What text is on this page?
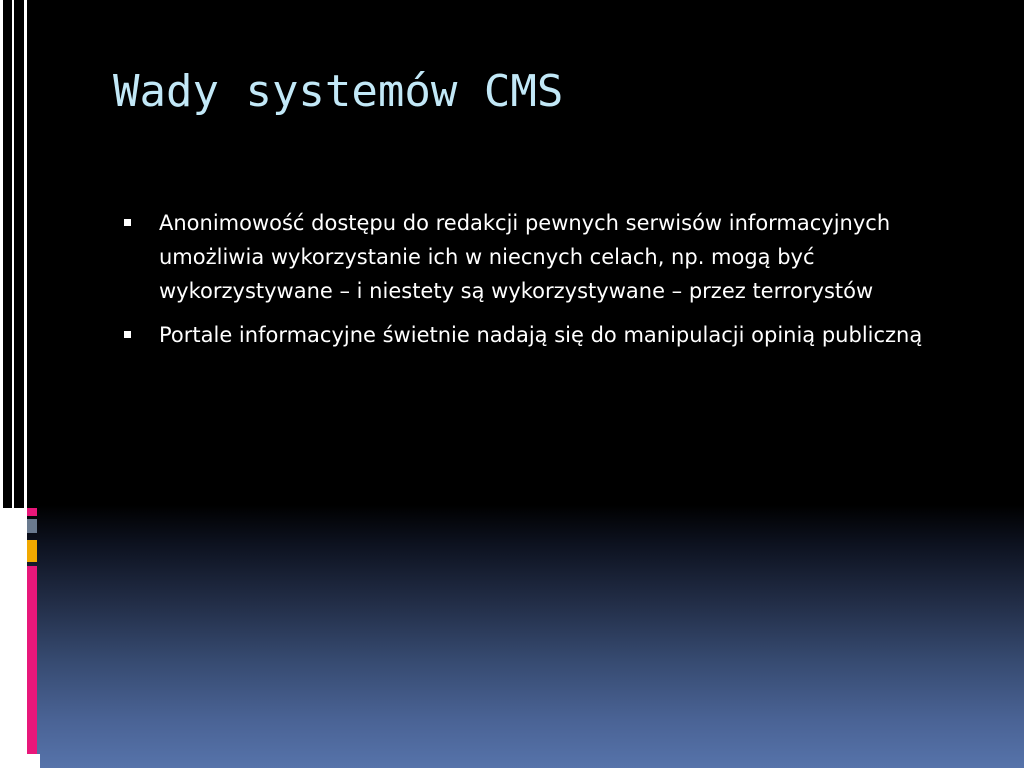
Wady systemów CMS
Anonimowość dostępu do redakcji pewnych serwisów informacyjnych umożliwia wykorzystanie ich w niecnych celach, np. mogą być wykorzystywane – i niestety są wykorzystywane – przez terrorystów
Portale informacyjne świetnie nadają się do manipulacji opinią publiczną
